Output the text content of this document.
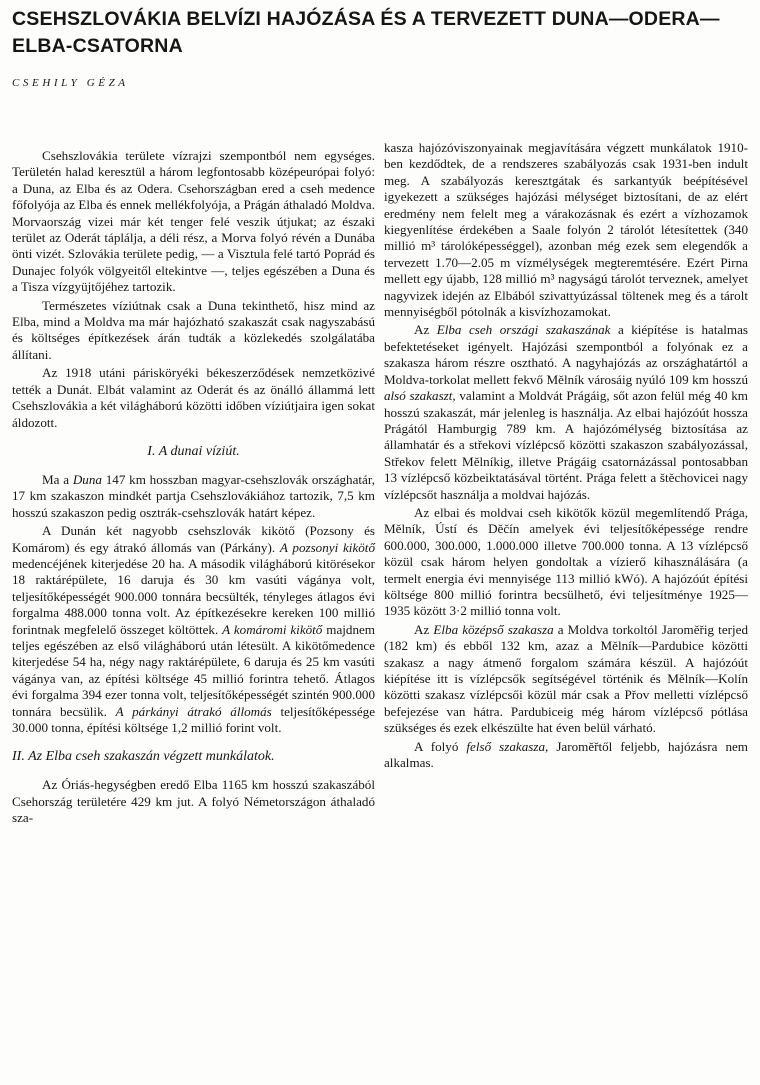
CSEHSZLOVÁKIA BELVÍZI HAJÓZÁSA ÉS A TERVEZETT DUNA—ODERA—ELBA-CSATORNA
CSEHILY GÉZA

Csehszlovákia területe vízrajzi szempontból nem egységes. Területén halad keresztül a három legfontosabb középeurópai folyó: a Duna, az Elba és az Odera. Csehországban ered a cseh medence főfolyója az Elba és ennek mellékfolyója, a Prágán áthaladó Moldva. Morvaország vizei már két tenger felé veszik útjukat; az északi terület az Oderát táplálja, a déli rész, a Morva folyó révén a Dunába önti vizét. Szlovákia területe pedig, — a Visztula felé tartó Poprád és Dunajec folyók völgyeitől eltekintve —, teljes egészében a Duna és a Tisza vízgyüjtőjéhez tartozik.

Természetes víziútnak csak a Duna tekinthető, hisz mind az Elba, mind a Moldva ma már hajózható szakaszát csak nagyszabású és költséges építkezések árán tudták a közlekedés szolgálatába állítani.

Az 1918 utáni párisköryéki békeszerződések nemzetközivé tették a Dunát. Elbát valamint az Oderát és az önálló állammá lett Csehszlovákia a két világháború közötti időben víziútjaira igen sokat áldozott.

I. A dunai víziút.

Ma a Duna 147 km hosszban magyar-csehszlovák országhatár, 17 km szakaszon mindkét partja Csehszlovákiához tartozik, 7,5 km hosszú szakaszon pedig osztrák-csehszlovák határt képez.

A Dunán két nagyobb csehszlovák kikötő (Pozsony és Komárom) és egy átrakó állomás van (Párkány). A pozsonyi kikötő medencéjének kiterjedése 20 ha. A második világháború kitörésekor 18 raktárépülete, 16 daruja és 30 km vasúti vágánya volt, teljesítőképességét 900.000 tonnára becsülték, tényleges átlagos évi forgalma 488.000 tonna volt. Az építkezésekre kereken 100 millió forintnak megfelelő összeget költöttek. A komáromi kikötő majdnem teljes egészében az első világháború után létesült. A kikötőmedence kiterjedése 54 ha, négy nagy raktárépülete, 6 daruja és 25 km vasúti vágánya van, az építési költsége 45 millió forintra tehető. Átlagos évi forgalma 394 ezer tonna volt, teljesítőképességét szintén 900.000 tonnára becsülik. A párkányi átrakó állomás teljesítőképessége 30.000 tonna, építési költsége 1,2 millió forint volt.

II. Az Elba cseh szakaszán végzett munkálatok.

Az Óriás-hegységben eredő Elba 1165 km hosszú szakaszából Csehország területére 429 km jut. A folyó Németországon áthaladó sza-

kasza hajózóviszonyainak megjavítására végzett munkálatok 1910-ben kezdődtek, de a rendszeres szabályozás csak 1931-ben indult meg. A szabályozás keresztgátak és sarkantyúk beépítésével igyekezett a szükséges hajózási mélységet biztosítani, de az elért eredmény nem felelt meg a várakozásnak és ezért a vízhozamok kiegyenlítése érdekében a Saale folyón 2 tárolót létesítettek (340 millió m³ tárolóképességgel), azonban még ezek sem elegendők a tervezett 1.70—2.05 m vízmélységek megteremtésére. Ezért Pirna mellett egy újabb, 128 millió m³ nagyságú tárolót terveznek, amelyet nagyvizek idején az Elbából szivattyúzással töltenek meg és a tárolt mennyiségből pótolnák a kisvízhozamokat.

Az Elba cseh országi szakaszának a kiépítése is hatalmas befektetéseket igényelt. Hajózási szempontból a folyónak ez a szakasza három részre osztható. A nagyhajózás az országhatártól a Moldva-torkolat mellett fekvő Mělník városáig nyúló 109 km hosszú alsó szakaszt, valamint a Moldvát Prágáig, sőt azon felül még 40 km hosszú szakaszát, már jelenleg is használja. Az elbai hajózóút hossza Prágától Hamburgig 789 km. A hajózómélység biztosítása az államhatár és a střekovi vízlépcső közötti szakaszon szabályozással, Střekov felett Mělníkig, illetve Prágáig csatornázással pontosabban 13 vízlépcső közbeiktatásával történt. Prága felett a štěchovicei nagy vízlépcsőt használja a moldvai hajózás.

Az elbai és moldvai cseh kikötők közül megemlítendő Prága, Mělník, Ústí és Děčín amelyek évi teljesítőképessége rendre 600.000, 300.000, 1.000.000 illetve 700.000 tonna. A 13 vízlépcső közül csak három helyen gondoltak a vízierő kihasználására (a termelt energia évi mennyisége 113 millió kWó). A hajózóút építési költsége 800 millió forintra becsülhető, évi teljesítménye 1925—1935 között 3·2 millió tonna volt.

Az Elba középső szakasza a Moldva torkoltól Jaroměřig terjed (182 km) és ebből 132 km, azaz a Mělník—Pardubice közötti szakasz a nagy átmenő forgalom számára készül. A hajózóút kiépítése itt is vízlépcsők segítségével történik és Mělník—Kolín közötti szakasz vízlépcsői közül már csak a Přov melletti vízlépcső befejezése van hátra. Pardubiceig még három vízlépcső pótlása szükséges és ezek elkészülte hat éven belül várható.

A folyó felső szakasza, Jaroměřtől feljebb, hajózásra nem alkalmas.
